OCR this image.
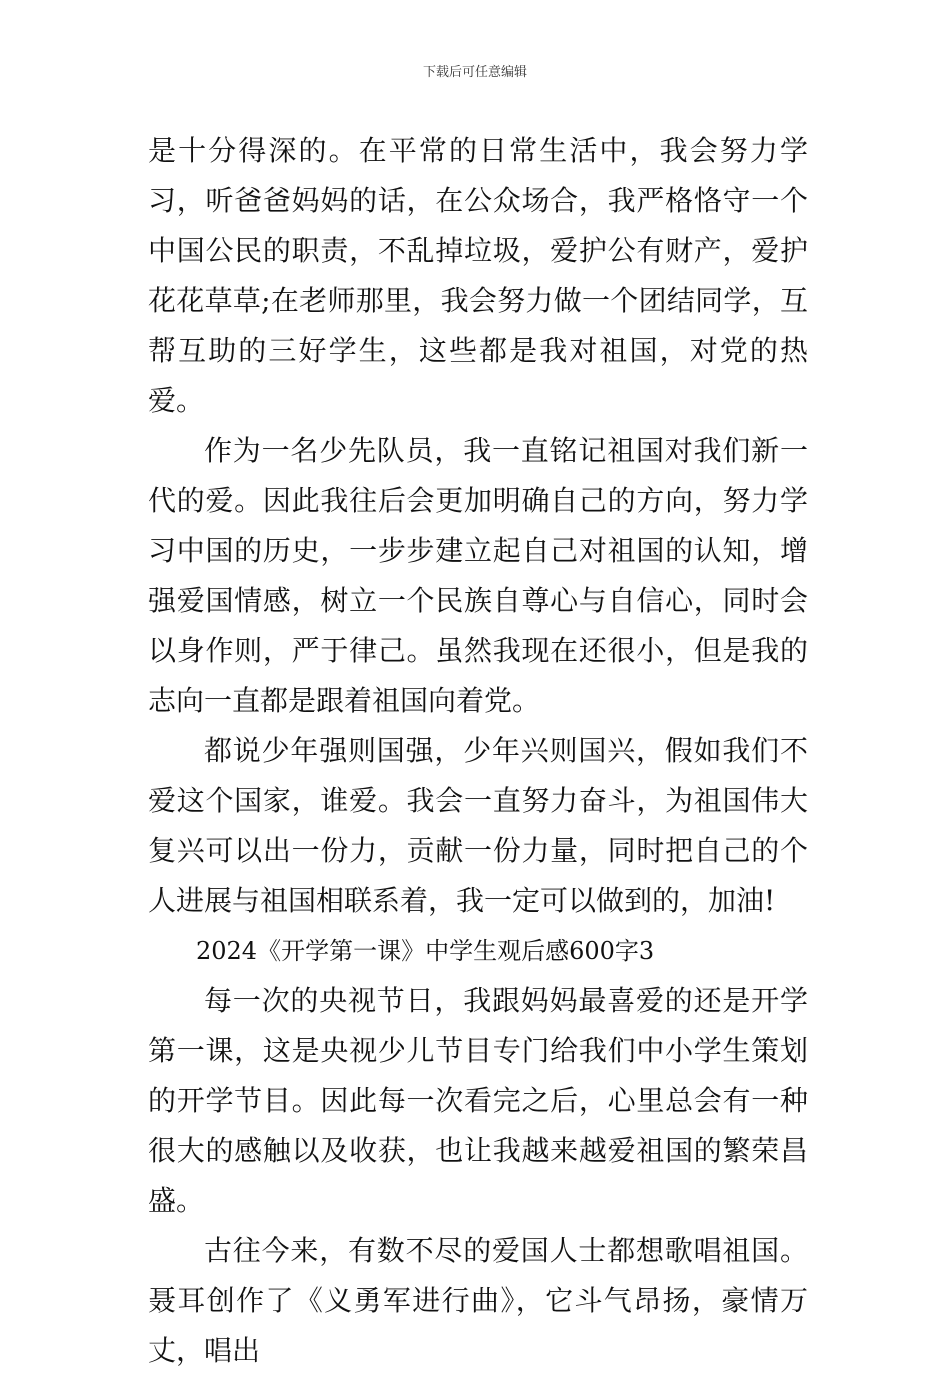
下载后可任意编辑

是十分得深的。在平常的日常生活中，我会努力学习，听爸爸妈妈的话，在公众场合，我严格恪守一个中国公民的职责，不乱掉垃圾，爱护公有财产，爱护花花草草;在老师那里，我会努力做一个团结同学，互帮互助的三好学生，这些都是我对祖国，对党的热爱。

作为一名少先队员，我一直铭记祖国对我们新一代的爱。因此我往后会更加明确自己的方向，努力学习中国的历史，一步步建立起自己对祖国的认知，增强爱国情感，树立一个民族自尊心与自信心，同时会以身作则，严于律己。虽然我现在还很小，但是我的志向一直都是跟着祖国向着党。

都说少年强则国强，少年兴则国兴，假如我们不爱这个国家，谁爱。我会一直努力奋斗，为祖国伟大复兴可以出一份力，贡献一份力量，同时把自己的个人进展与祖国相联系着，我一定可以做到的，加油!

2024《开学第一课》中学生观后感600字3

每一次的央视节日，我跟妈妈最喜爱的还是开学第一课，这是央视少儿节目专门给我们中小学生策划的开学节目。因此每一次看完之后，心里总会有一种很大的感触以及收获，也让我越来越爱祖国的繁荣昌盛。

古往今来，有数不尽的爱国人士都想歌唱祖国。聂耳创作了《义勇军进行曲》，它斗气昂扬，豪情万丈，唱出
